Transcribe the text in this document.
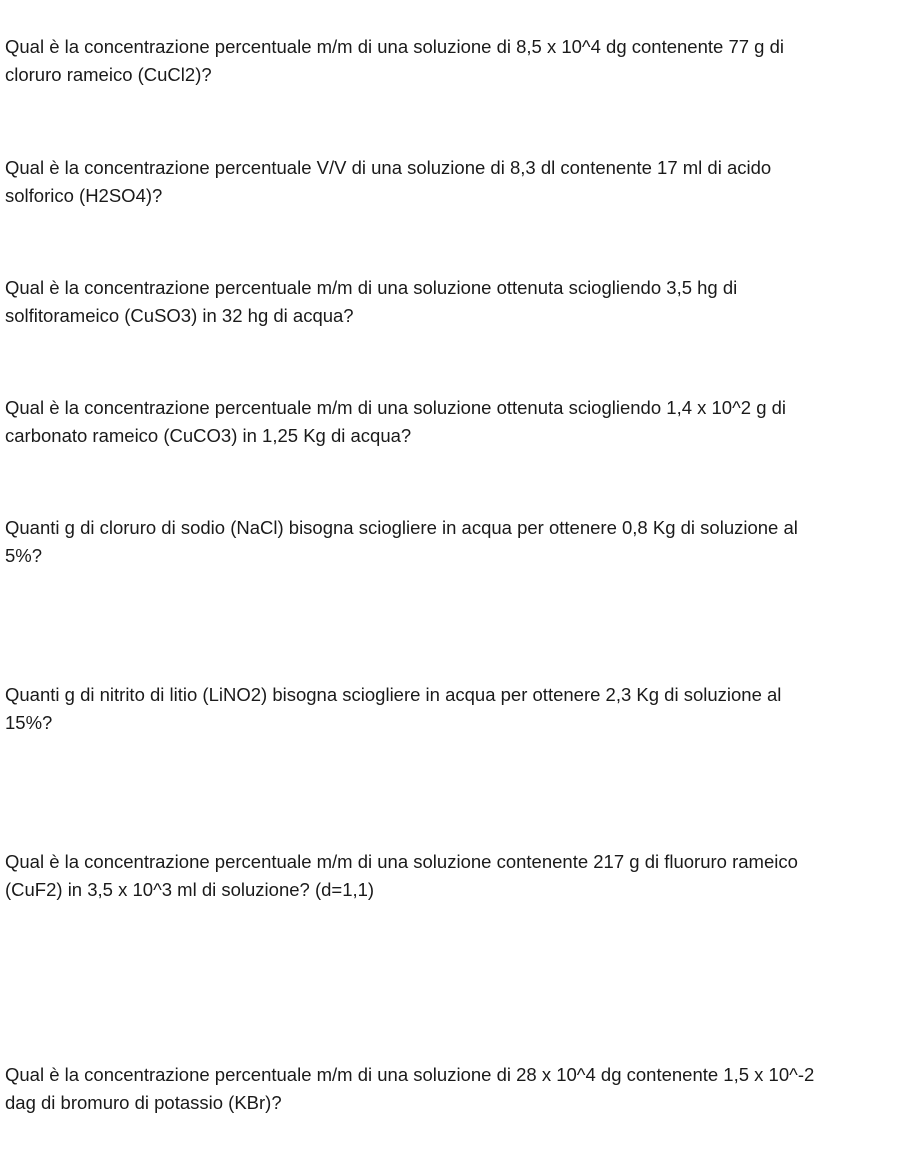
Qual è la concentrazione percentuale m/m di una soluzione di 8,5 x 10^4 dg contenente 77 g di
cloruro rameico (CuCl2)?

Qual è la concentrazione percentuale V/V di una soluzione di 8,3 dl contenente 17 ml di acido
solforico (H2SO4)?

Qual è la concentrazione percentuale m/m di una soluzione ottenuta sciogliendo 3,5 hg di
solfitorameico (CuSO3) in 32 hg di acqua?

Qual è la concentrazione percentuale m/m di una soluzione ottenuta sciogliendo 1,4 x 10^2 g di
carbonato rameico (CuCO3) in 1,25 Kg di acqua?

Quanti g di cloruro di sodio (NaCl) bisogna sciogliere in acqua per ottenere 0,8 Kg di soluzione al
5%?

Quanti g di nitrito di litio (LiNO2) bisogna sciogliere in acqua per ottenere 2,3 Kg di soluzione al
15%?

Qual è la concentrazione percentuale m/m di una soluzione contenente 217 g di fluoruro rameico
(CuF2) in 3,5 x 10^3 ml di soluzione? (d=1,1)

Qual è la concentrazione percentuale m/m di una soluzione di 28 x 10^4 dg contenente 1,5 x 10^-2
dag di bromuro di potassio (KBr)?
